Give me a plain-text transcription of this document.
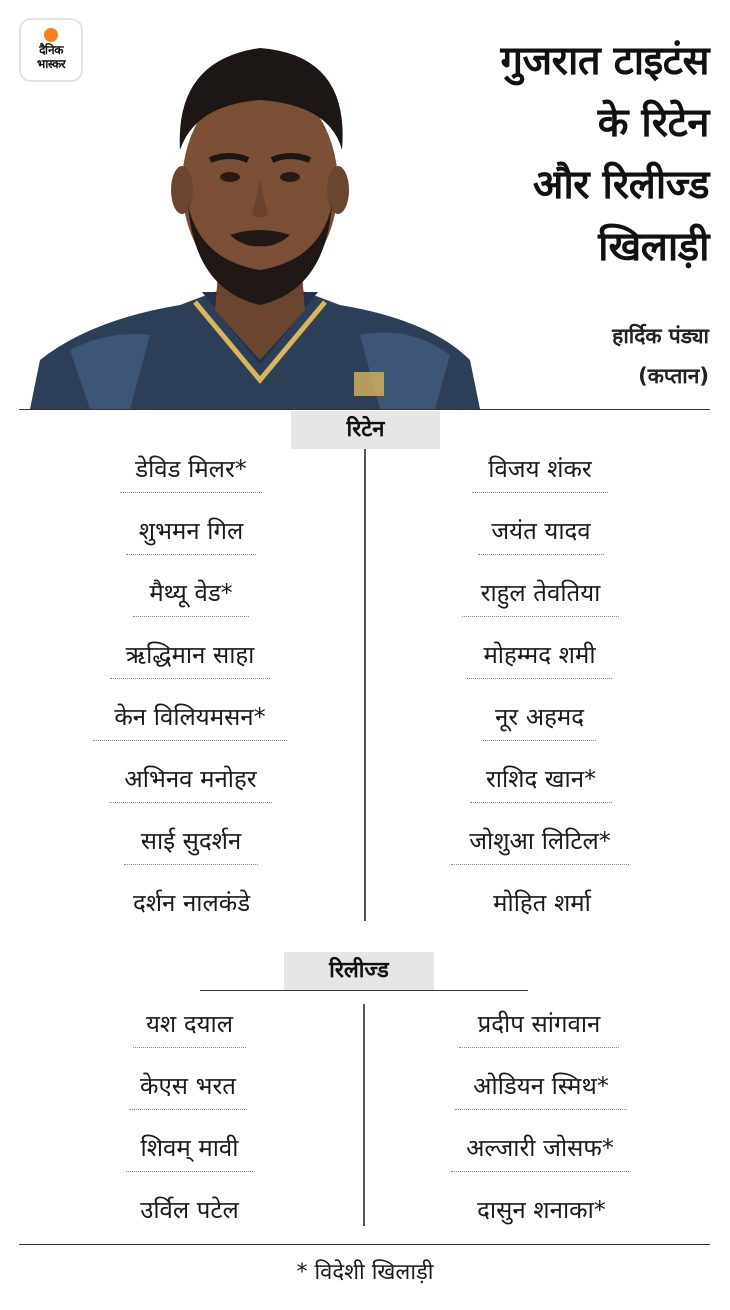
दैनिक
भास्कर	गुजरात टाइटंस
के रिटेन
और रिलीज्ड
खिलाड़ी
हार्दिक पंड्या
(कप्तान)
रिटेन
डेविड मिलर*
शुभमन गिल
मैथ्यू वेड*
ऋद्धिमान साहा
केन विलियमसन*
अभिनव मनोहर
साई सुदर्शन
दर्शन नालकंडे
विजय शंकर
जयंत यादव
राहुल तेवतिया
मोहम्मद शमी
नूर अहमद
राशिद खान*
जोशुआ लिटिल*
मोहित शर्मा
रिलीज्ड
यश दयाल
केएस भरत
शिवम् मावी
उर्विल पटेल
प्रदीप सांगवान
ओडियन स्मिथ*
अल्जारी जोसफ*
दासुन शनाका*
* विदेशी खिलाड़ी
